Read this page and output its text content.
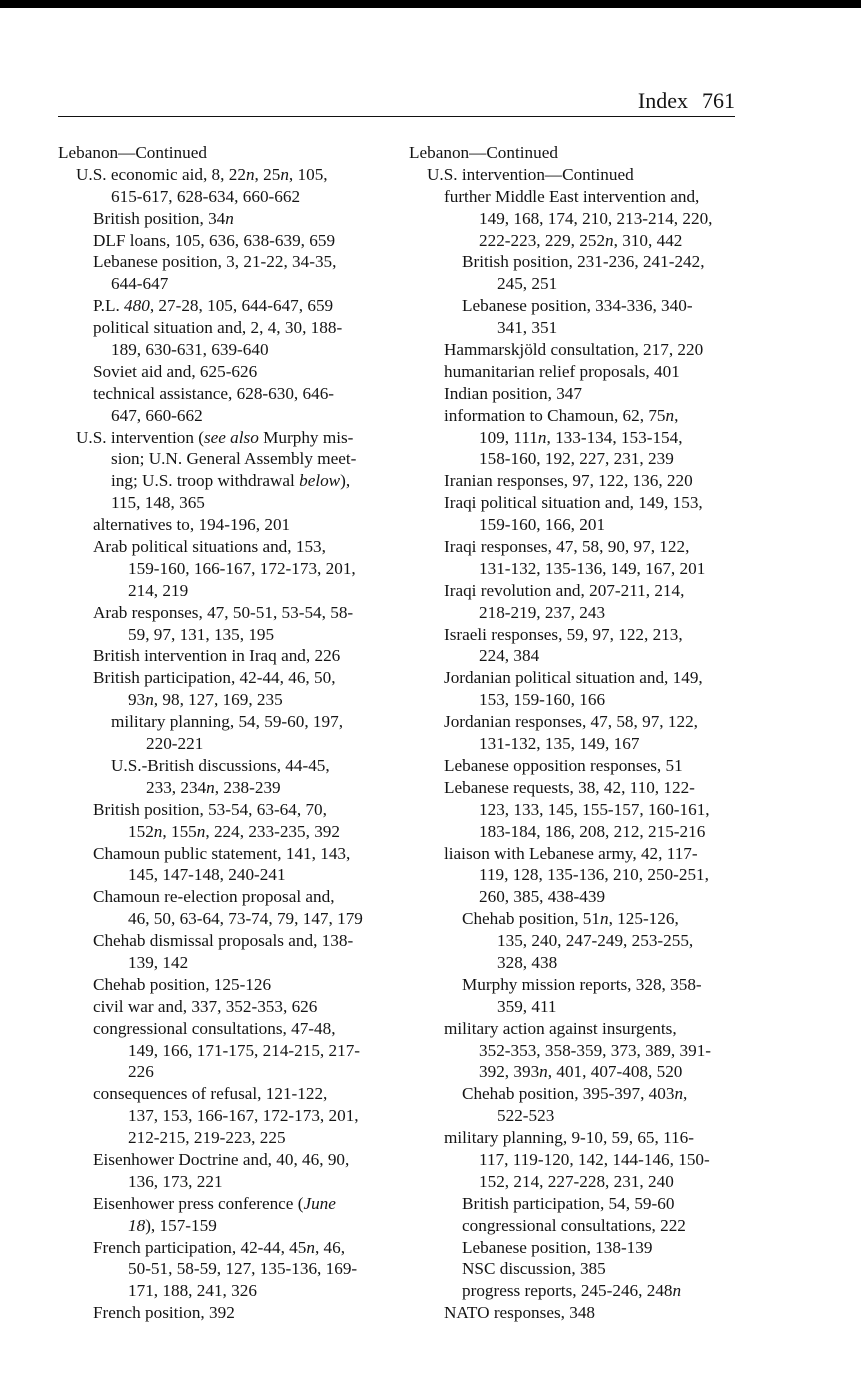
Index 761
Lebanon—Continued
U.S. economic aid, 8, 22n, 25n, 105,
615-617, 628-634, 660-662
British position, 34n
DLF loans, 105, 636, 638-639, 659
Lebanese position, 3, 21-22, 34-35,
644-647
P.L. 480, 27-28, 105, 644-647, 659
political situation and, 2, 4, 30, 188-
189, 630-631, 639-640
Soviet aid and, 625-626
technical assistance, 628-630, 646-
647, 660-662
U.S. intervention (see also Murphy mis-
sion; U.N. General Assembly meet-
ing; U.S. troop withdrawal below),
115, 148, 365
alternatives to, 194-196, 201
Arab political situations and, 153,
159-160, 166-167, 172-173, 201,
214, 219
Arab responses, 47, 50-51, 53-54, 58-
59, 97, 131, 135, 195
British intervention in Iraq and, 226
British participation, 42-44, 46, 50,
93n, 98, 127, 169, 235
military planning, 54, 59-60, 197,
220-221
U.S.-British discussions, 44-45,
233, 234n, 238-239
British position, 53-54, 63-64, 70,
152n, 155n, 224, 233-235, 392
Chamoun public statement, 141, 143,
145, 147-148, 240-241
Chamoun re-election proposal and,
46, 50, 63-64, 73-74, 79, 147, 179
Chehab dismissal proposals and, 138-
139, 142
Chehab position, 125-126
civil war and, 337, 352-353, 626
congressional consultations, 47-48,
149, 166, 171-175, 214-215, 217-
226
consequences of refusal, 121-122,
137, 153, 166-167, 172-173, 201,
212-215, 219-223, 225
Eisenhower Doctrine and, 40, 46, 90,
136, 173, 221
Eisenhower press conference (June
18), 157-159
French participation, 42-44, 45n, 46,
50-51, 58-59, 127, 135-136, 169-
171, 188, 241, 326
French position, 392
Lebanon—Continued
U.S. intervention—Continued
further Middle East intervention and,
149, 168, 174, 210, 213-214, 220,
222-223, 229, 252n, 310, 442
British position, 231-236, 241-242,
245, 251
Lebanese position, 334-336, 340-
341, 351
Hammarskjöld consultation, 217, 220
humanitarian relief proposals, 401
Indian position, 347
information to Chamoun, 62, 75n,
109, 111n, 133-134, 153-154,
158-160, 192, 227, 231, 239
Iranian responses, 97, 122, 136, 220
Iraqi political situation and, 149, 153,
159-160, 166, 201
Iraqi responses, 47, 58, 90, 97, 122,
131-132, 135-136, 149, 167, 201
Iraqi revolution and, 207-211, 214,
218-219, 237, 243
Israeli responses, 59, 97, 122, 213,
224, 384
Jordanian political situation and, 149,
153, 159-160, 166
Jordanian responses, 47, 58, 97, 122,
131-132, 135, 149, 167
Lebanese opposition responses, 51
Lebanese requests, 38, 42, 110, 122-
123, 133, 145, 155-157, 160-161,
183-184, 186, 208, 212, 215-216
liaison with Lebanese army, 42, 117-
119, 128, 135-136, 210, 250-251,
260, 385, 438-439
Chehab position, 51n, 125-126,
135, 240, 247-249, 253-255,
328, 438
Murphy mission reports, 328, 358-
359, 411
military action against insurgents,
352-353, 358-359, 373, 389, 391-
392, 393n, 401, 407-408, 520
Chehab position, 395-397, 403n,
522-523
military planning, 9-10, 59, 65, 116-
117, 119-120, 142, 144-146, 150-
152, 214, 227-228, 231, 240
British participation, 54, 59-60
congressional consultations, 222
Lebanese position, 138-139
NSC discussion, 385
progress reports, 245-246, 248n
NATO responses, 348
